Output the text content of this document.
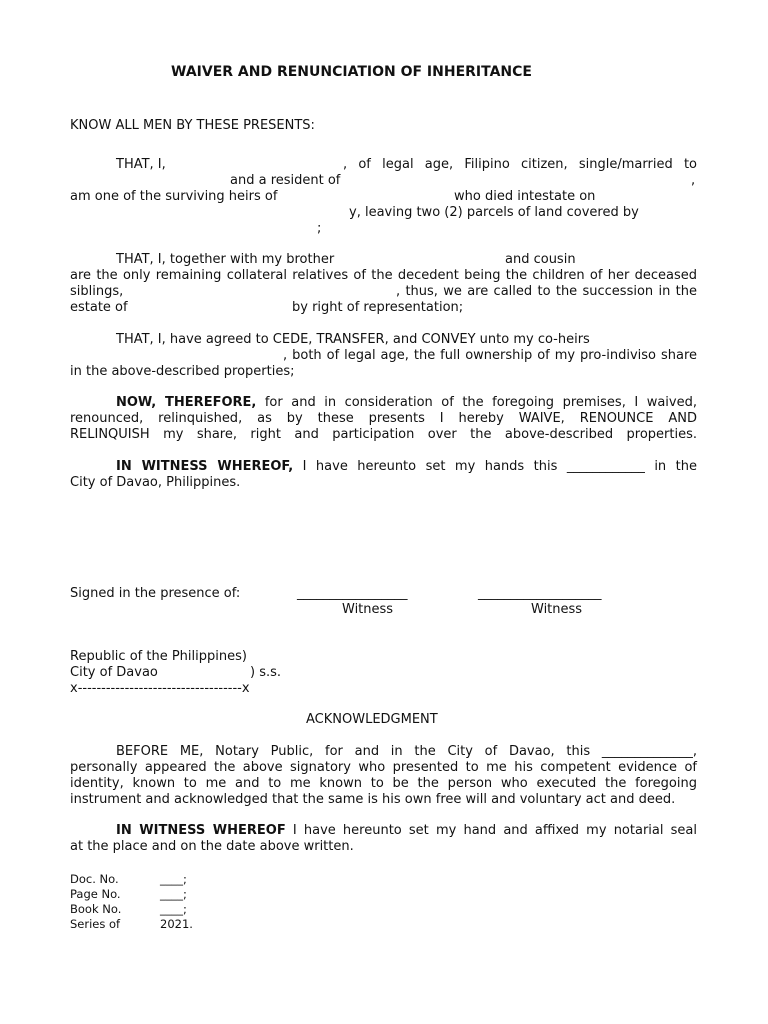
WAIVER AND RENUNCIATION OF INHERITANCE
KNOW ALL MEN BY THESE PRESENTS:
THAT, I,	, of legal age, Filipino citizen, single/married to
and a resident of	,
am one of the surviving heirs of	who died intestate on
y, leaving two (2) parcels of land covered by
;
THAT, I, together with my brother	and cousin
are the only remaining collateral relatives of the decedent being the children of her deceased
siblings,	, thus, we are called to the succession in the
estate of	by right of representation;
THAT, I, have agreed to CEDE, TRANSFER, and CONVEY unto my co-heirs
, both of legal age, the full ownership of my pro-indiviso share
in the above-described properties;
NOW, THEREFORE, for and in consideration of the foregoing premises, I waived,
renounced, relinquished, as by these presents I hereby WAIVE, RENOUNCE AND
RELINQUISH my share, right and participation over the above-described properties.
IN WITNESS WHEREOF, I have hereunto set my hands this ____________ in the
City of Davao, Philippines.
Signed in the presence of:	_________________	___________________
Witness	Witness
Republic of the Philippines)
City of Davao	) s.s.
x-----------------------------------x
ACKNOWLEDGMENT
BEFORE ME, Notary Public, for and in the City of Davao, this ______________,
personally appeared the above signatory who presented to me his competent evidence of
identity, known to me and to me known to be the person who executed the foregoing
instrument and acknowledged that the same is his own free will and voluntary act and deed.
IN WITNESS WHEREOF I have hereunto set my hand and affixed my notarial seal
at the place and on the date above written.
Doc. No.	____;
Page No.	____;
Book No.	____;
Series of	2021.
